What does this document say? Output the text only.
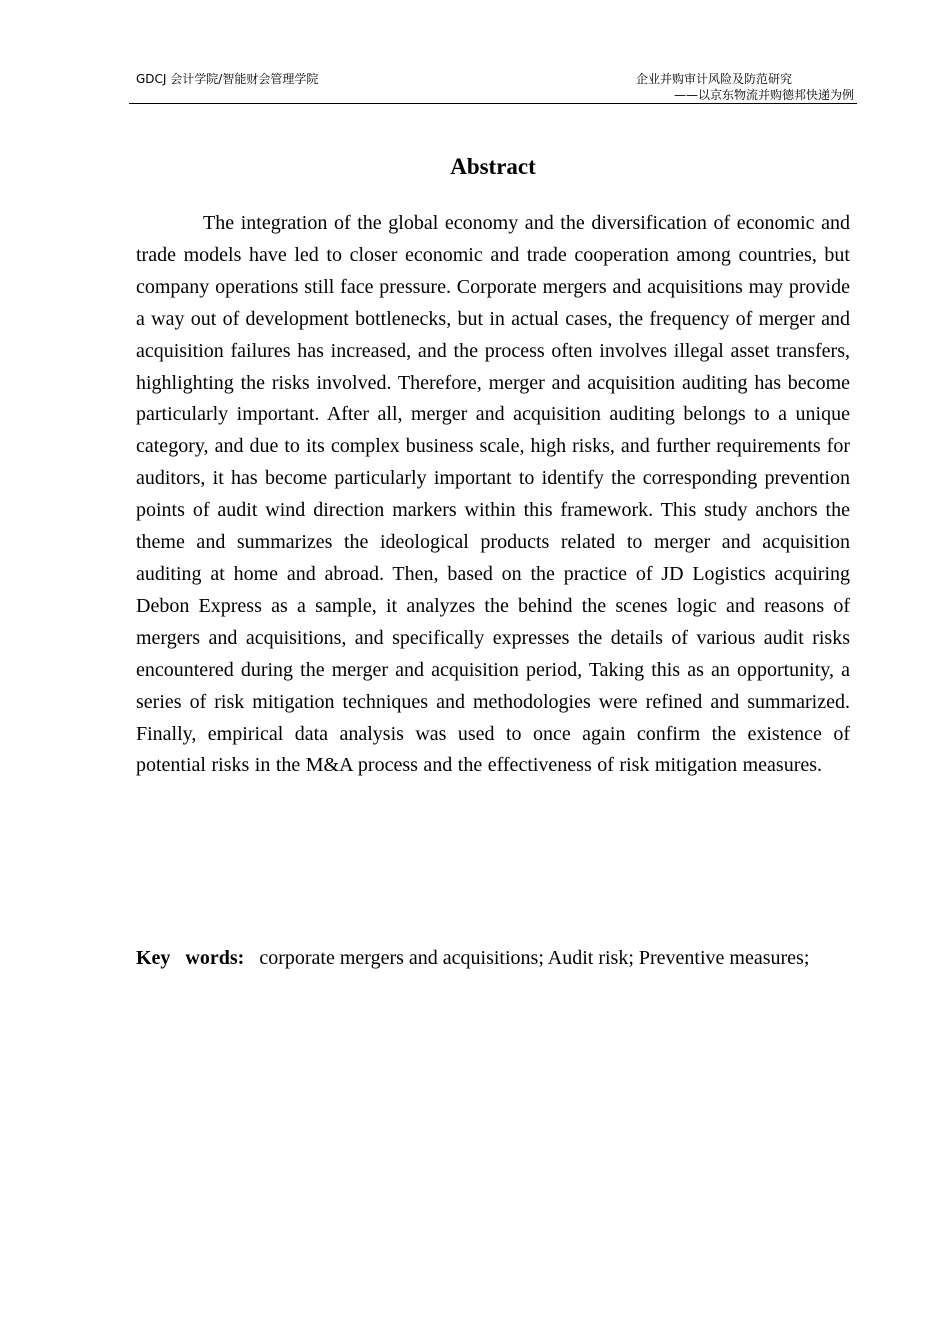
GDCJ 会计学院/智能财会管理学院	企业并购审计风险及防范研究
——以京东物流并购德邦快递为例
Abstract

The integration of the global economy and the diversification of economic and trade models have led to closer economic and trade cooperation among countries, but company operations still face pressure. Corporate mergers and acquisitions may provide a way out of development bottlenecks, but in actual cases, the frequency of merger and acquisition failures has increased, and the process often involves illegal asset transfers, highlighting the risks involved. Therefore, merger and acquisition auditing has become particularly important. After all, merger and acquisition auditing belongs to a unique category, and due to its complex business scale, high risks, and further requirements for auditors, it has become particularly important to identify the corresponding prevention points of audit wind direction markers within this framework. This study anchors the theme and summarizes the ideological products related to merger and acquisition auditing at home and abroad. Then, based on the practice of JD Logistics acquiring Debon Express as a sample, it analyzes the behind the scenes logic and reasons of mergers and acquisitions, and specifically expresses the details of various audit risks encountered during the merger and acquisition period, Taking this as an opportunity, a series of risk mitigation techniques and methodologies were refined and summarized. Finally, empirical data analysis was used to once again confirm the existence of potential risks in the M&A process and the effectiveness of risk mitigation measures.

Key words: corporate mergers and acquisitions; Audit risk; Preventive measures;
